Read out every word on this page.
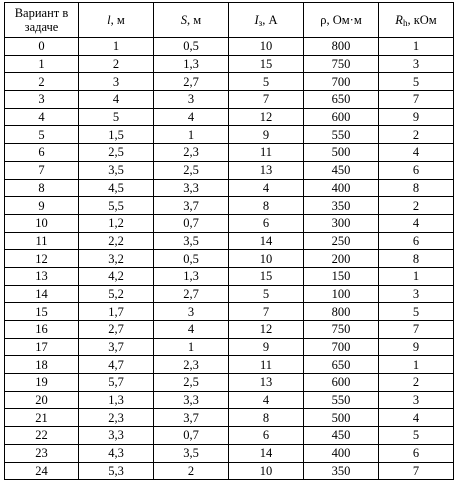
Вариант в задаче	l, м	S, м	$I_з$, А	ρ, Ом·м	$R_h$, кОм
0	1	0,5	10	800	1
1	2	1,3	15	750	3
2	3	2,7	5	700	5
3	4	3	7	650	7
4	5	4	12	600	9
5	1,5	1	9	550	2
6	2,5	2,3	11	500	4
7	3,5	2,5	13	450	6
8	4,5	3,3	4	400	8
9	5,5	3,7	8	350	2
10	1,2	0,7	6	300	4
11	2,2	3,5	14	250	6
12	3,2	0,5	10	200	8
13	4,2	1,3	15	150	1
14	5,2	2,7	5	100	3
15	1,7	3	7	800	5
16	2,7	4	12	750	7
17	3,7	1	9	700	9
18	4,7	2,3	11	650	1
19	5,7	2,5	13	600	2
20	1,3	3,3	4	550	3
21	2,3	3,7	8	500	4
22	3,3	0,7	6	450	5
23	4,3	3,5	14	400	6
24	5,3	2	10	350	7
